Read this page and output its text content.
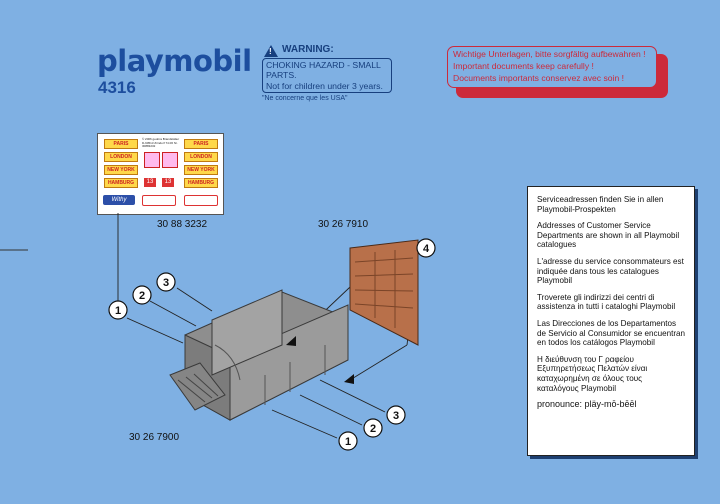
playmobil
4316
! WARNING:
CHOKING HAZARD - SMALL PARTS.
Not for children under 3 years.
"Ne concerne que les USA"
Wichtige Unterlagen, bitte sorgfältig aufbewahren !
Important documents keep carefully !
Documents importants conservez avec soin !
PARIS
LONDON
NEW YORK
HAMBURG
PARIS
LONDON
NEW YORK
HAMBURG
© 2006 geobra Brandstätter D-90513 Zirndorf 74.06 Nr. 30883232
13	13
Withy
30 88 3232	30 26 7910
30 26 7900
1
2
3
4
3
2
1

Serviceadressen finden Sie in allen Playmobil-Prospekten

Addresses of Customer Service Departments are shown in all Playmobil catalogues

L'adresse du service consommateurs est indiquée dans tous les catalogues Playmobil

Troverete gli indirizzi dei centri di assistenza in tutti i cataloghi Playmobil

Las Direcciones de los Departamentos de Servicio al Consumidor se encuentran en todos los catálogos Playmobil

Η διεύθυνση του Γ ραφείου Εξυπηρετήσεως Πελατών είναι καταχωρημένη σε όλους τους καταλόγους Playmobil

pronounce: pläy-mō-bēēl
